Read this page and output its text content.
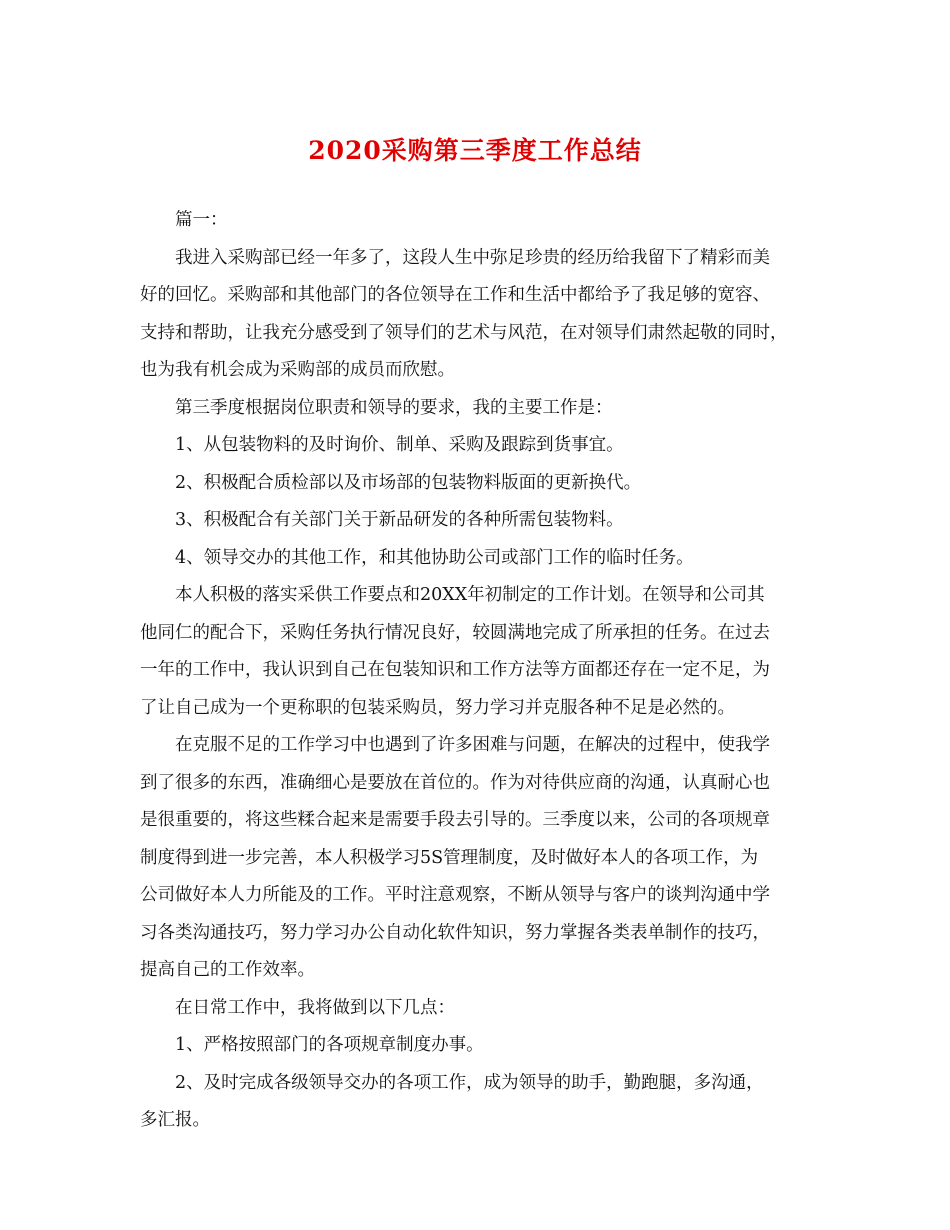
2020采购第三季度工作总结
篇一：
我进入采购部已经一年多了，这段人生中弥足珍贵的经历给我留下了精彩而美
好的回忆。采购部和其他部门的各位领导在工作和生活中都给予了我足够的宽容、
支持和帮助，让我充分感受到了领导们的艺术与风范，在对领导们肃然起敬的同时，
也为我有机会成为采购部的成员而欣慰。
第三季度根据岗位职责和领导的要求，我的主要工作是：
1、从包装物料的及时询价、制单、采购及跟踪到货事宜。
2、积极配合质检部以及市场部的包装物料版面的更新换代。
3、积极配合有关部门关于新品研发的各种所需包装物料。
4、领导交办的其他工作，和其他协助公司或部门工作的临时任务。
本人积极的落实采供工作要点和20XX年初制定的工作计划。在领导和公司其
他同仁的配合下，采购任务执行情况良好，较圆满地完成了所承担的任务。在过去
一年的工作中，我认识到自己在包装知识和工作方法等方面都还存在一定不足，为
了让自己成为一个更称职的包装采购员，努力学习并克服各种不足是必然的。
在克服不足的工作学习中也遇到了许多困难与问题，在解决的过程中，使我学
到了很多的东西，准确细心是要放在首位的。作为对待供应商的沟通，认真耐心也
是很重要的，将这些糅合起来是需要手段去引导的。三季度以来，公司的各项规章
制度得到进一步完善，本人积极学习5S管理制度，及时做好本人的各项工作，为
公司做好本人力所能及的工作。平时注意观察，不断从领导与客户的谈判沟通中学
习各类沟通技巧，努力学习办公自动化软件知识，努力掌握各类表单制作的技巧，
提高自己的工作效率。
在日常工作中，我将做到以下几点：
1、严格按照部门的各项规章制度办事。
2、及时完成各级领导交办的各项工作，成为领导的助手，勤跑腿，多沟通，
多汇报。
